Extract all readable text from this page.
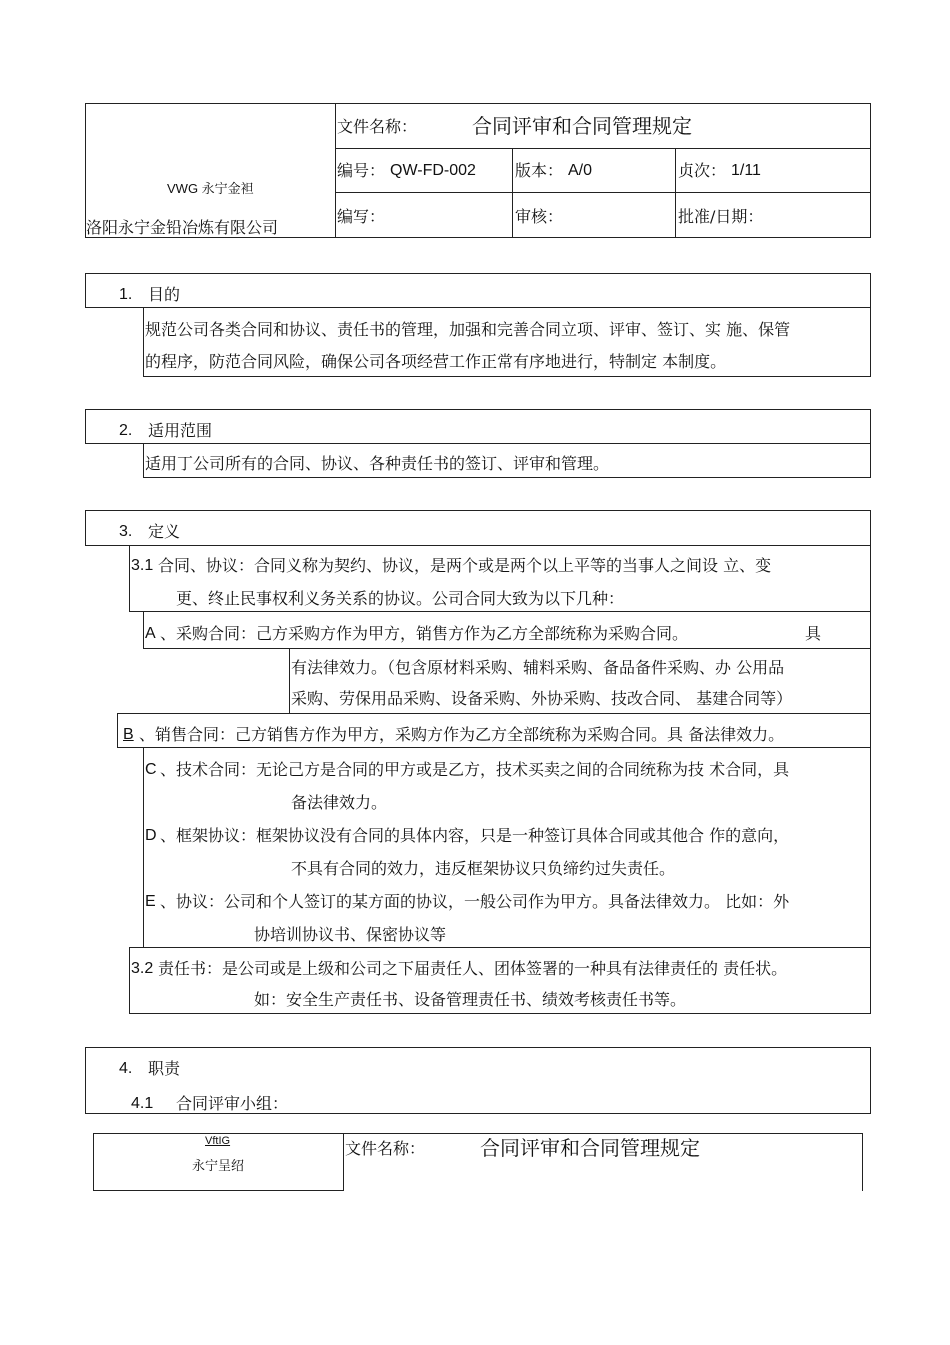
VWG 永宁金袒
洛阳永宁金铅冶炼有限公司
文件名称：	合同评审和合同管理规定
编号： QW-FD-002 版本： A/0	贞次： 1/11
编写：	审核：	批准/日期：
1. 目的
规范公司各类合同和协议、责任书的管理，加强和完善合同立项、评审、签订、实 施、保管
的程序，防范合同风险，确保公司各项经营工作正常有序地进行，特制定 本制度。
2. 适用范围
适用丁公司所有的合同、协议、各种责任书的签订、评审和管理。
3. 定义
3.1 合同、协议：合同义称为契约、协议，是两个或是两个以上平等的当事人之间设 立、变
更、终止民事权利义务关系的协议。公司合同大致为以下几种：
A 、采购合同：己方采购方作为甲方，销售方作为乙方全部统称为采购合同。	具
有法律效力。（包含原材料采购、辅料采购、备品备件采购、办 公用品
采购、劳保用品采购、设备采购、外协采购、技改合同、 基建合同等）
B 、销售合同：己方销售方作为甲方，采购方作为乙方全部统称为采购合同。具 备法律效力。
C 、技术合同：无论己方是合同的甲方或是乙方，技术买卖之间的合同统称为技 术合同，具
备法律效力。
D 、框架协议：框架协议没有合同的具体内容，只是一种签订具体合同或其他合 作的意向，
不具有合同的效力，违反框架协议只负缔约过失责任。
E 、协议：公司和个人签订的某方面的协议，一般公司作为甲方。具备法律效力。 比如：外
协培训协议书、保密协议等
3.2 责任书：是公司或是上级和公司之下届责任人、团体签署的一种具有法律责任的 责任状。
如：安全生产责任书、设备管理责任书、绩效考核责任书等。
4. 职责
4.1 合同评审小组：
VftIG
永宁呈绍
文件名称：	合同评审和合同管理规定
